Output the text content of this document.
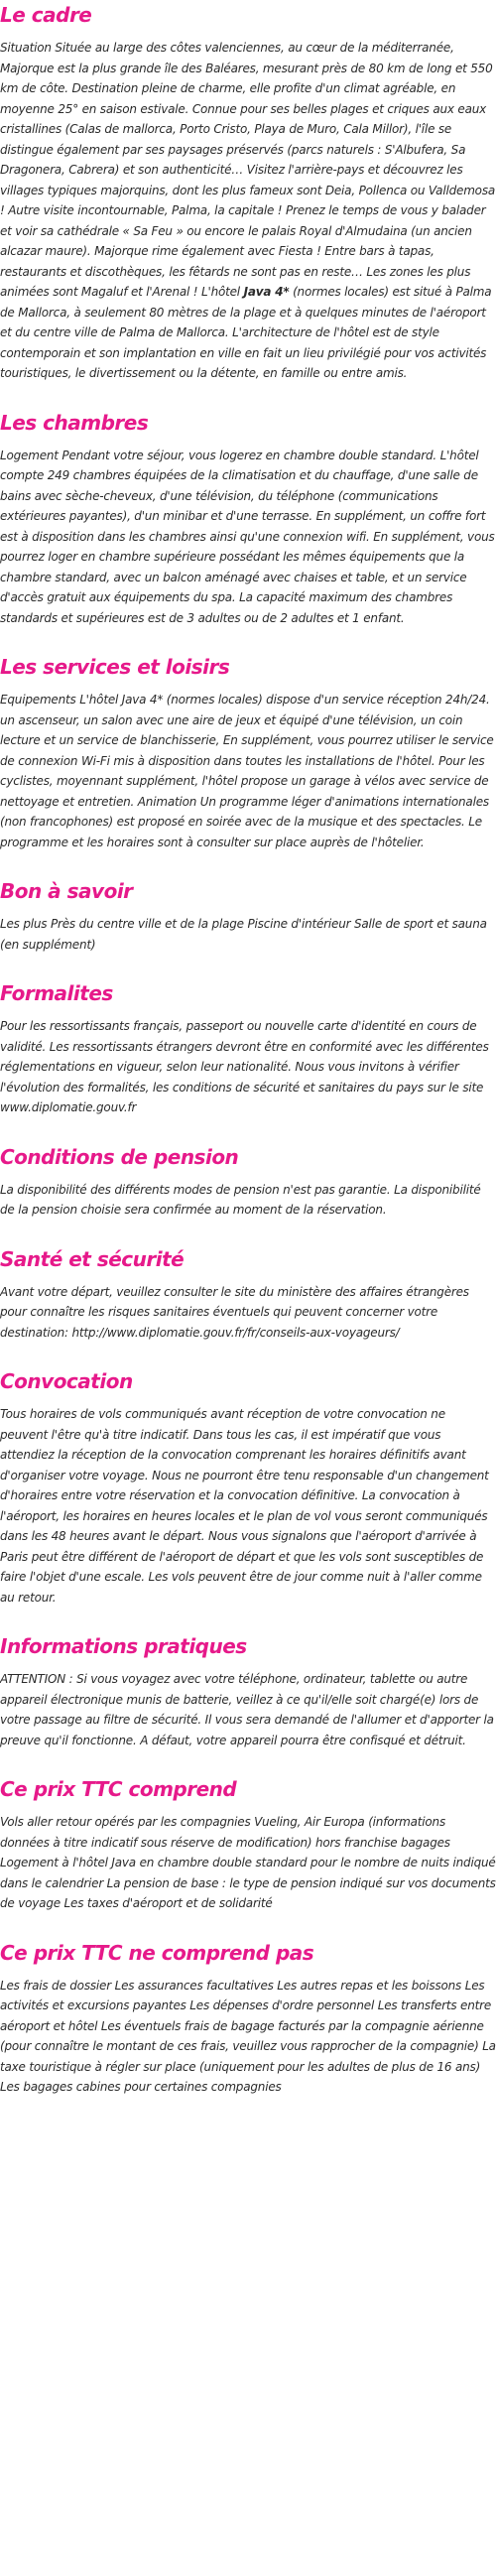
Le cadre

Situation Située au large des côtes valenciennes, au cœur de la méditerranée, Majorque est la plus grande île des Baléares, mesurant près de 80 km de long et 550 km de côte. Destination pleine de charme, elle profite d'un climat agréable, en moyenne 25° en saison estivale. Connue pour ses belles plages et criques aux eaux cristallines (Calas de mallorca, Porto Cristo, Playa de Muro, Cala Millor), l'île se distingue également par ses paysages préservés (parcs naturels : S'Albufera, Sa Dragonera, Cabrera) et son authenticité… Visitez l'arrière-pays et découvrez les villages typiques majorquins, dont les plus fameux sont Deia, Pollenca ou Valldemosa ! Autre visite incontournable, Palma, la capitale ! Prenez le temps de vous y balader et voir sa cathédrale « Sa Feu » ou encore le palais Royal d'Almudaina (un ancien alcazar maure). Majorque rime également avec Fiesta ! Entre bars à tapas, restaurants et discothèques, les fêtards ne sont pas en reste… Les zones les plus animées sont Magaluf et l'Arenal ! L'hôtel Java 4* (normes locales) est situé à Palma de Mallorca, à seulement 80 mètres de la plage et à quelques minutes de l'aéroport et du centre ville de Palma de Mallorca. L'architecture de l'hôtel est de style contemporain et son implantation en ville en fait un lieu privilégié pour vos activités touristiques, le divertissement ou la détente, en famille ou entre amis.

Les chambres

Logement Pendant votre séjour, vous logerez en chambre double standard. L'hôtel compte 249 chambres équipées de la climatisation et du chauffage, d'une salle de bains avec sèche-cheveux, d'une télévision, du téléphone (communications extérieures payantes), d'un minibar et d'une terrasse. En supplément, un coffre fort est à disposition dans les chambres ainsi qu'une connexion wifi. En supplément, vous pourrez loger en chambre supérieure possédant les mêmes équipements que la chambre standard, avec un balcon aménagé avec chaises et table, et un service d'accès gratuit aux équipements du spa. La capacité maximum des chambres standards et supérieures est de 3 adultes ou de 2 adultes et 1 enfant.

Les services et loisirs

Equipements L'hôtel Java 4* (normes locales) dispose d'un service réception 24h/24. un ascenseur, un salon avec une aire de jeux et équipé d'une télévision, un coin lecture et un service de blanchisserie, En supplément, vous pourrez utiliser le service de connexion Wi-Fi mis à disposition dans toutes les installations de l'hôtel. Pour les cyclistes, moyennant supplément, l'hôtel propose un garage à vélos avec service de nettoyage et entretien. Animation Un programme léger d'animations internationales (non francophones) est proposé en soirée avec de la musique et des spectacles. Le programme et les horaires sont à consulter sur place auprès de l'hôtelier.

Bon à savoir

Les plus Près du centre ville et de la plage Piscine d'intérieur Salle de sport et sauna (en supplément)

Formalites

Pour les ressortissants français, passeport ou nouvelle carte d'identité en cours de validité. Les ressortissants étrangers devront être en conformité avec les différentes réglementations en vigueur, selon leur nationalité. Nous vous invitons à vérifier l'évolution des formalités, les conditions de sécurité et sanitaires du pays sur le site www.diplomatie.gouv.fr

Conditions de pension

La disponibilité des différents modes de pension n'est pas garantie. La disponibilité de la pension choisie sera confirmée au moment de la réservation.

Santé et sécurité

Avant votre départ, veuillez consulter le site du ministère des affaires étrangères pour connaître les risques sanitaires éventuels qui peuvent concerner votre destination: http://www.diplomatie.gouv.fr/fr/conseils-aux-voyageurs/

Convocation

Tous horaires de vols communiqués avant réception de votre convocation ne peuvent l'être qu'à titre indicatif. Dans tous les cas, il est impératif que vous attendiez la réception de la convocation comprenant les horaires définitifs avant d'organiser votre voyage. Nous ne pourront être tenu responsable d'un changement d'horaires entre votre réservation et la convocation définitive. La convocation à l'aéroport, les horaires en heures locales et le plan de vol vous seront communiqués dans les 48 heures avant le départ. Nous vous signalons que l'aéroport d'arrivée à Paris peut être différent de l'aéroport de départ et que les vols sont susceptibles de faire l'objet d'une escale. Les vols peuvent être de jour comme nuit à l'aller comme au retour.

Informations pratiques

ATTENTION : Si vous voyagez avec votre téléphone, ordinateur, tablette ou autre appareil électronique munis de batterie, veillez à ce qu'il/elle soit chargé(e) lors de votre passage au filtre de sécurité. Il vous sera demandé de l'allumer et d'apporter la preuve qu'il fonctionne. A défaut, votre appareil pourra être confisqué et détruit.

Ce prix TTC comprend

Vols aller retour opérés par les compagnies Vueling, Air Europa (informations données à titre indicatif sous réserve de modification) hors franchise bagages Logement à l'hôtel Java en chambre double standard pour le nombre de nuits indiqué dans le calendrier La pension de base : le type de pension indiqué sur vos documents de voyage Les taxes d'aéroport et de solidarité

Ce prix TTC ne comprend pas

Les frais de dossier Les assurances facultatives Les autres repas et les boissons Les activités et excursions payantes Les dépenses d'ordre personnel Les transferts entre aéroport et hôtel Les éventuels frais de bagage facturés par la compagnie aérienne (pour connaître le montant de ces frais, veuillez vous rapprocher de la compagnie) La taxe touristique à régler sur place (uniquement pour les adultes de plus de 16 ans) Les bagages cabines pour certaines compagnies
